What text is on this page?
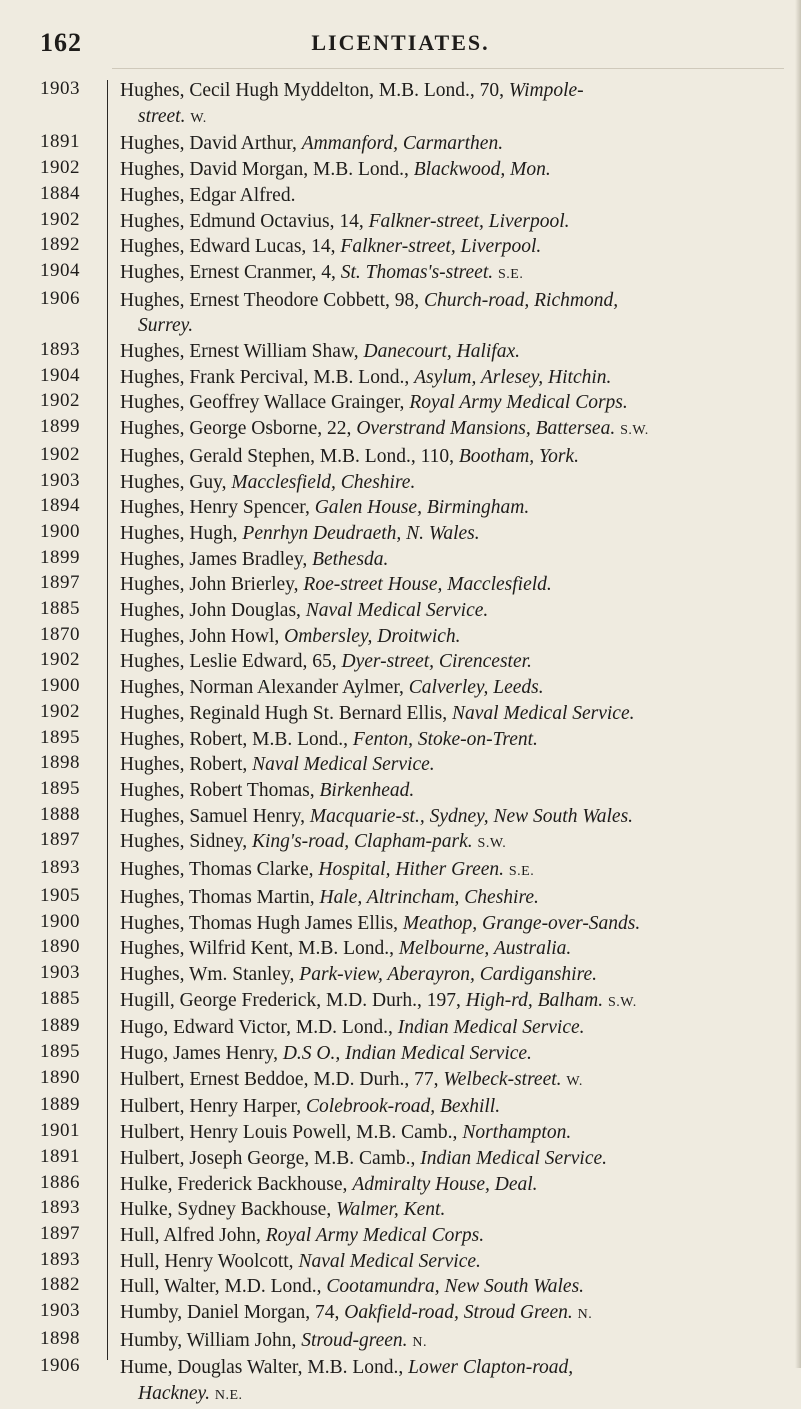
162	LICENTIATES.
1903	Hughes, Cecil Hugh Myddelton, M.B. Lond., 70, Wimpole-
street. W.
1891	Hughes, David Arthur, Ammanford, Carmarthen.
1902	Hughes, David Morgan, M.B. Lond., Blackwood, Mon.
1884	Hughes, Edgar Alfred.
1902	Hughes, Edmund Octavius, 14, Falkner-street, Liverpool.
1892	Hughes, Edward Lucas, 14, Falkner-street, Liverpool.
1904	Hughes, Ernest Cranmer, 4, St. Thomas's-street. S.E.
1906	Hughes, Ernest Theodore Cobbett, 98, Church-road, Richmond,
Surrey.
1893	Hughes, Ernest William Shaw, Danecourt, Halifax.
1904	Hughes, Frank Percival, M.B. Lond., Asylum, Arlesey, Hitchin.
1902	Hughes, Geoffrey Wallace Grainger, Royal Army Medical Corps.
1899	Hughes, George Osborne, 22, Overstrand Mansions, Battersea. S.W.
1902	Hughes, Gerald Stephen, M.B. Lond., 110, Bootham, York.
1903	Hughes, Guy, Macclesfield, Cheshire.
1894	Hughes, Henry Spencer, Galen House, Birmingham.
1900	Hughes, Hugh, Penrhyn Deudraeth, N. Wales.
1899	Hughes, James Bradley, Bethesda.
1897	Hughes, John Brierley, Roe-street House, Macclesfield.
1885	Hughes, John Douglas, Naval Medical Service.
1870	Hughes, John Howl, Ombersley, Droitwich.
1902	Hughes, Leslie Edward, 65, Dyer-street, Cirencester.
1900	Hughes, Norman Alexander Aylmer, Calverley, Leeds.
1902	Hughes, Reginald Hugh St. Bernard Ellis, Naval Medical Service.
1895	Hughes, Robert, M.B. Lond., Fenton, Stoke-on-Trent.
1898	Hughes, Robert, Naval Medical Service.
1895	Hughes, Robert Thomas, Birkenhead.
1888	Hughes, Samuel Henry, Macquarie-st., Sydney, New South Wales.
1897	Hughes, Sidney, King's-road, Clapham-park. S.W.
1893	Hughes, Thomas Clarke, Hospital, Hither Green. S.E.
1905	Hughes, Thomas Martin, Hale, Altrincham, Cheshire.
1900	Hughes, Thomas Hugh James Ellis, Meathop, Grange-over-Sands.
1890	Hughes, Wilfrid Kent, M.B. Lond., Melbourne, Australia.
1903	Hughes, Wm. Stanley, Park-view, Aberayron, Cardiganshire.
1885	Hugill, George Frederick, M.D. Durh., 197, High-rd, Balham. S.W.
1889	Hugo, Edward Victor, M.D. Lond., Indian Medical Service.
1895	Hugo, James Henry, D.S O., Indian Medical Service.
1890	Hulbert, Ernest Beddoe, M.D. Durh., 77, Welbeck-street. W.
1889	Hulbert, Henry Harper, Colebrook-road, Bexhill.
1901	Hulbert, Henry Louis Powell, M.B. Camb., Northampton.
1891	Hulbert, Joseph George, M.B. Camb., Indian Medical Service.
1886	Hulke, Frederick Backhouse, Admiralty House, Deal.
1893	Hulke, Sydney Backhouse, Walmer, Kent.
1897	Hull, Alfred John, Royal Army Medical Corps.
1893	Hull, Henry Woolcott, Naval Medical Service.
1882	Hull, Walter, M.D. Lond., Cootamundra, New South Wales.
1903	Humby, Daniel Morgan, 74, Oakfield-road, Stroud Green. N.
1898	Humby, William John, Stroud-green. N.
1906	Hume, Douglas Walter, M.B. Lond., Lower Clapton-road,
Hackney. N.E.
